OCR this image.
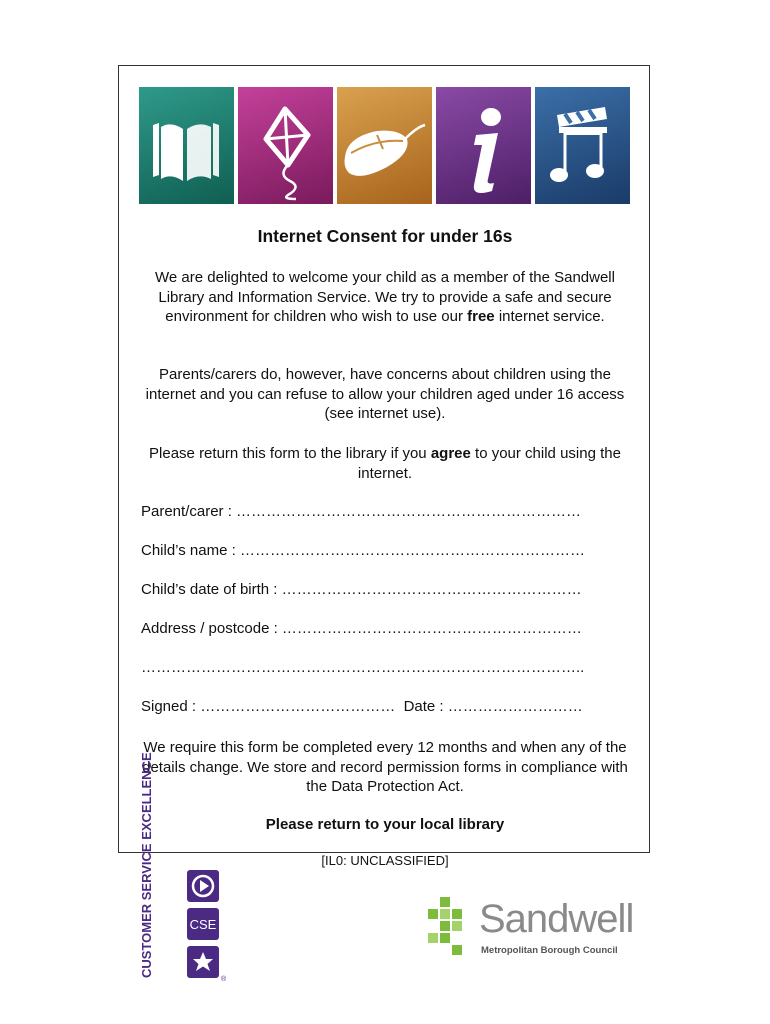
Internet Consent for under 16s
We are delighted to welcome your child as a member of the Sandwell Library and Information Service. We try to provide a safe and secure environment for children who wish to use our free internet service.
Parents/carers do, however, have concerns about children using the internet and you can refuse to allow your children aged under 16 access (see internet use).
Please return this form to the library if you agree to your child using the internet.
Parent/carer : ……………………………………………………………
Child’s name : ……………………………………………………………
Child’s date of birth : ……………………………………………………
Address / postcode : ……………………………………………………
……………………………………………………………………………..
Signed : ………………………………… Date : ………………………
We require this form be completed every 12 months and when any of the details change. We store and record permission forms in compliance with the Data Protection Act.
Please return to your local library
[IL0: UNCLASSIFIED]
CUSTOMER SERVICE EXCELLENCE	CSE
®
Sandwell
Metropolitan Borough Council
